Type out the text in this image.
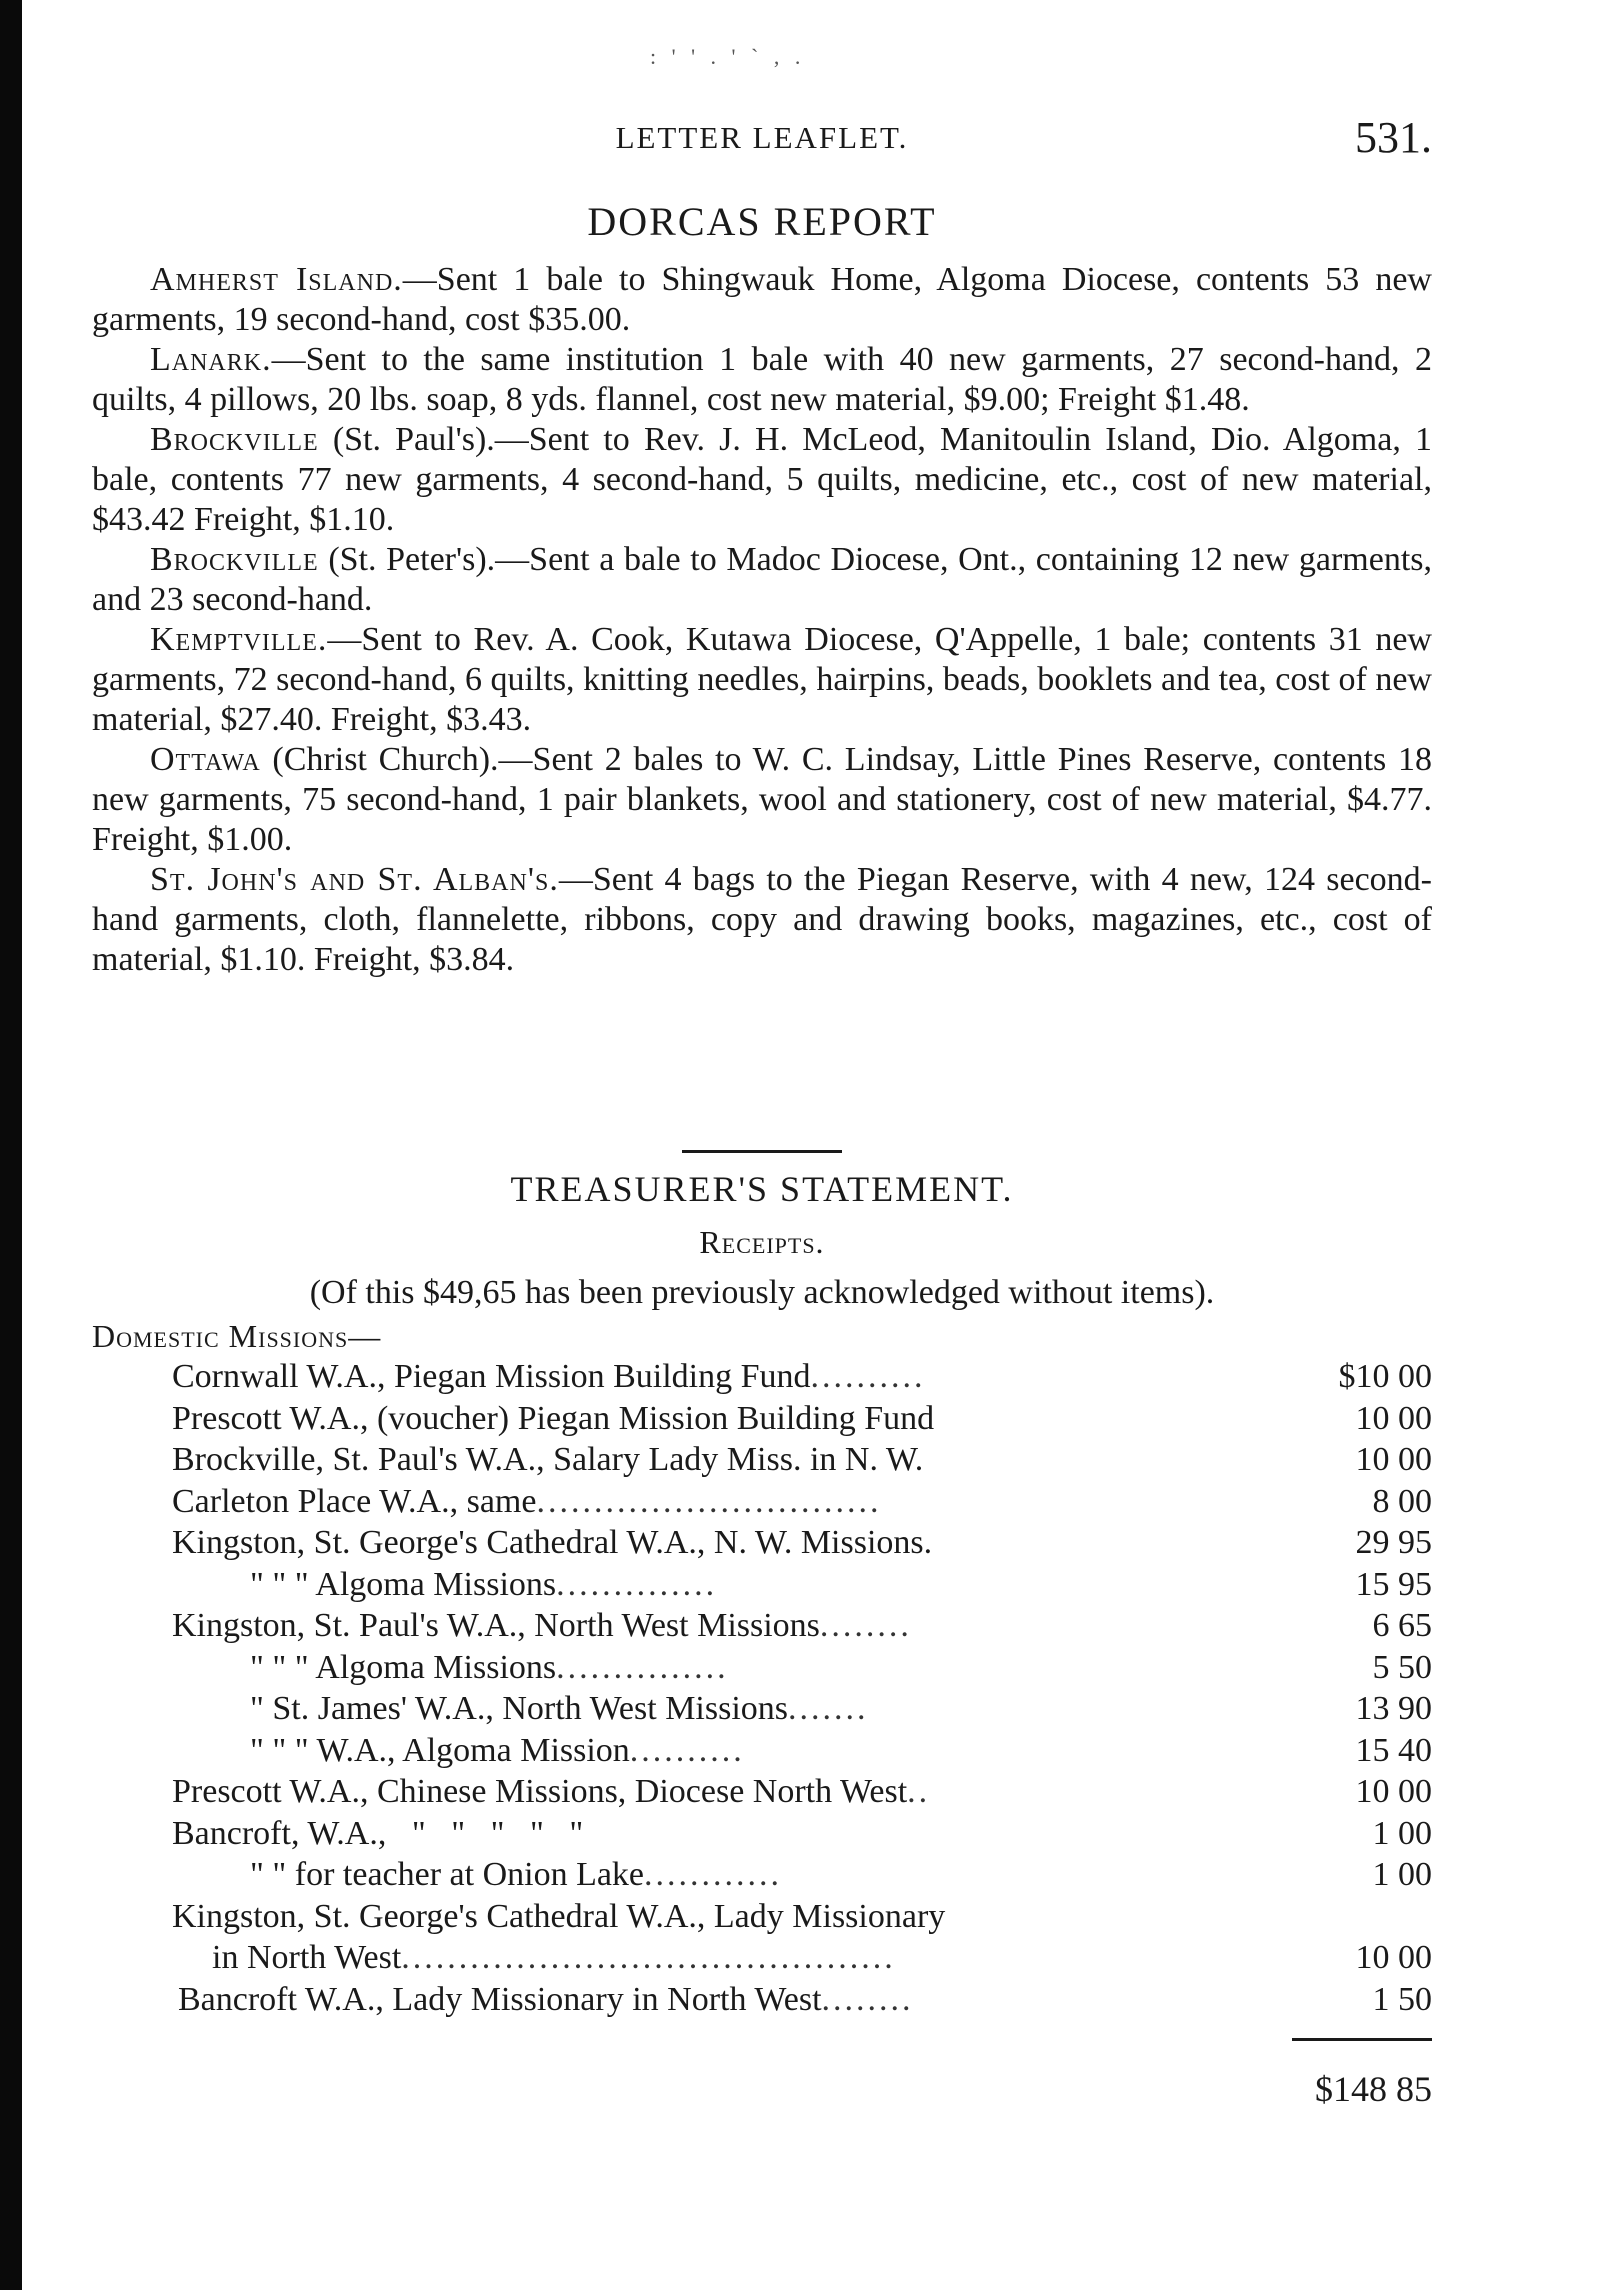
: ' ' . ' ` , .
LETTER LEAFLET.	531.
DORCAS REPORT

Amherst Island.—Sent 1 bale to Shingwauk Home, Algoma Diocese, contents 53 new garments, 19 second-hand, cost $35.00.

Lanark.—Sent to the same institution 1 bale with 40 new garments, 27 second-hand, 2 quilts, 4 pillows, 20 lbs. soap, 8 yds. flannel, cost new material, $9.00; Freight $1.48.

Brockville (St. Paul's).—Sent to Rev. J. H. McLeod, Manitoulin Island, Dio. Algoma, 1 bale, contents 77 new garments, 4 second-hand, 5 quilts, medicine, etc., cost of new material, $43.42 Freight, $1.10.

Brockville (St. Peter's).—Sent a bale to Madoc Diocese, Ont., containing 12 new garments, and 23 second-hand.

Kemptville.—Sent to Rev. A. Cook, Kutawa Diocese, Q'Appelle, 1 bale; contents 31 new garments, 72 second-hand, 6 quilts, knitting needles, hairpins, beads, booklets and tea, cost of new material, $27.40. Freight, $3.43.

Ottawa (Christ Church).—Sent 2 bales to W. C. Lindsay, Little Pines Reserve, contents 18 new garments, 75 second-hand, 1 pair blankets, wool and stationery, cost of new material, $4.77. Freight, $1.00.

St. John's and St. Alban's.—Sent 4 bags to the Piegan Reserve, with 4 new, 124 second-hand garments, cloth, flannelette, ribbons, copy and drawing books, magazines, etc., cost of material, $1.10. Freight, $3.84.

TREASURER'S STATEMENT.
Receipts.
(Of this $49,65 has been previously acknowledged without items).
Domestic Missions—
Cornwall W.A., Piegan Mission Building Fund..........	$10 00
Prescott W.A., (voucher) Piegan Mission Building Fund	10 00
Brockville, St. Paul's W.A., Salary Lady Miss. in N. W.	10 00
Carleton Place W.A., same..............................	8 00
Kingston, St. George's Cathedral W.A., N. W. Missions.	29 95
" " " Algoma Missions..............	15 95
Kingston, St. Paul's W.A., North West Missions........	6 65
" " " Algoma Missions...............	5 50
" St. James' W.A., North West Missions.......	13 90
" " " W.A., Algoma Mission..........	15 40
Prescott W.A., Chinese Missions, Diocese North West..	10 00
Bancroft, W.A.,   "   "   "   "   "	1 00
" " for teacher at Onion Lake............	1 00
Kingston, St. George's Cathedral W.A., Lady Missionary
in North West...........................................	10 00
Bancroft W.A., Lady Missionary in North West........	1 50
$148 85
